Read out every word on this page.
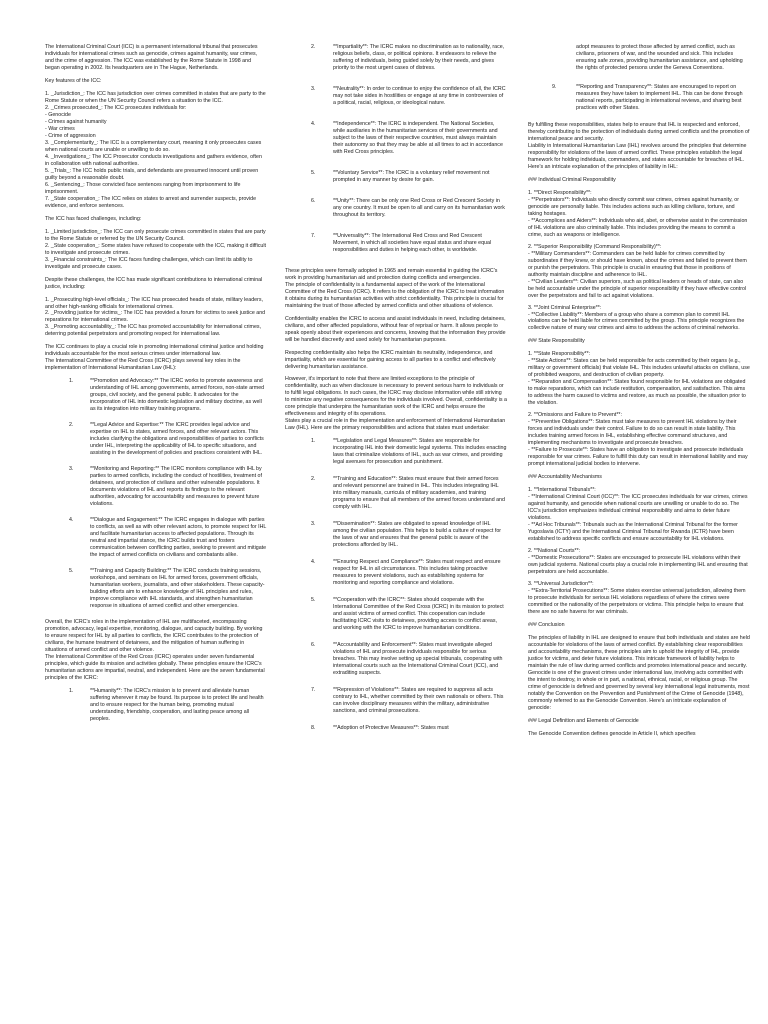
The International Criminal Court (ICC) is a permanent international tribunal that prosecutes individuals for international crimes such as genocide, crimes against humanity, war crimes, and the crime of aggression. The ICC was established by the Rome Statute in 1998 and began operating in 2002. Its headquarters are in The Hague, Netherlands.

Key features of the ICC:
1. _Jurisdiction_: The ICC has jurisdiction over crimes committed in states that are party to the Rome Statute or when the UN Security Council refers a situation to the ICC.
2. _Crimes prosecuted_: The ICC prosecutes individuals for:
- Genocide
- Crimes against humanity
- War crimes
- Crime of aggression
3. _Complementarity_: The ICC is a complementary court, meaning it only prosecutes cases when national courts are unable or unwilling to do so.
4. _Investigations_: The ICC Prosecutor conducts investigations and gathers evidence, often in collaboration with national authorities.
5. _Trials_: The ICC holds public trials, and defendants are presumed innocent until proven guilty beyond a reasonable doubt.
6. _Sentencing_: Those convicted face sentences ranging from imprisonment to life imprisonment.
7. _State cooperation_: The ICC relies on states to arrest and surrender suspects, provide evidence, and enforce sentences.
The ICC has faced challenges, including:
1. _Limited jurisdiction_: The ICC can only prosecute crimes committed in states that are party to the Rome Statute or referred by the UN Security Council.
2. _State cooperation_: Some states have refused to cooperate with the ICC, making it difficult to investigate and prosecute crimes.
3. _Financial constraints_: The ICC faces funding challenges, which can limit its ability to investigate and prosecute cases.

Despite these challenges, the ICC has made significant contributions to international criminal justice, including:

1. _Prosecuting high-level officials_: The ICC has prosecuted heads of state, military leaders, and other high-ranking officials for international crimes.
2. _Providing justice for victims_: The ICC has provided a forum for victims to seek justice and reparations for international crimes.
3. _Promoting accountability_: The ICC has promoted accountability for international crimes, deterring potential perpetrators and promoting respect for international law.
The ICC continues to play a crucial role in promoting international criminal justice and holding individuals accountable for the most serious crimes under international law.
The International Committee of the Red Cross (ICRC) plays several key roles in the implementation of International Humanitarian Law (IHL):
1.	**Promotion and Advocacy:** The ICRC works to promote awareness and understanding of IHL among governments, armed forces, non-state armed groups, civil society, and the general public. It advocates for the incorporation of IHL into domestic legislation and military doctrine, as well as its integration into military training programs.
2.	**Legal Advice and Expertise:** The ICRC provides legal advice and expertise on IHL to states, armed forces, and other relevant actors. This includes clarifying the obligations and responsibilities of parties to conflicts under IHL, interpreting the applicability of IHL to specific situations, and assisting in the development of policies and practices consistent with IHL.
3.	**Monitoring and Reporting:** The ICRC monitors compliance with IHL by parties to armed conflicts, including the conduct of hostilities, treatment of detainees, and protection of civilians and other vulnerable populations. It documents violations of IHL and reports its findings to the relevant authorities, advocating for accountability and measures to prevent future violations.
4.	**Dialogue and Engagement:** The ICRC engages in dialogue with parties to conflicts, as well as with other relevant actors, to promote respect for IHL and facilitate humanitarian access to affected populations. Through its neutral and impartial stance, the ICRC builds trust and fosters communication between conflicting parties, seeking to prevent and mitigate the impact of armed conflicts on civilians and combatants alike.
5.	**Training and Capacity Building:** The ICRC conducts training sessions, workshops, and seminars on IHL for armed forces, government officials, humanitarian workers, journalists, and other stakeholders. These capacity-building efforts aim to enhance knowledge of IHL principles and rules, improve compliance with IHL standards, and strengthen humanitarian response in situations of armed conflict and other emergencies.
Overall, the ICRC's roles in the implementation of IHL are multifaceted, encompassing promotion, advocacy, legal expertise, monitoring, dialogue, and capacity building. By working to ensure respect for IHL by all parties to conflicts, the ICRC contributes to the protection of civilians, the humane treatment of detainees, and the mitigation of human suffering in situations of armed conflict and other violence.
The International Committee of the Red Cross (ICRC) operates under seven fundamental principles, which guide its mission and activities globally. These principles ensure the ICRC's humanitarian actions are impartial, neutral, and independent. Here are the seven fundamental principles of the ICRC:
1.	**Humanity**: The ICRC's mission is to prevent and alleviate human suffering wherever it may be found. Its purpose is to protect life and health and to ensure respect for the human being, promoting mutual understanding, friendship, cooperation, and lasting peace among all peoples.
2.	**Impartiality**: The ICRC makes no discrimination as to nationality, race, religious beliefs, class, or political opinions. It endeavors to relieve the suffering of individuals, being guided solely by their needs, and gives priority to the most urgent cases of distress.
3.	**Neutrality**: In order to continue to enjoy the confidence of all, the ICRC may not take sides in hostilities or engage at any time in controversies of a political, racial, religious, or ideological nature.
4.	**Independence**: The ICRC is independent. The National Societies, while auxiliaries in the humanitarian services of their governments and subject to the laws of their respective countries, must always maintain their autonomy so that they may be able at all times to act in accordance with Red Cross principles.
5.	**Voluntary Service**: The ICRC is a voluntary relief movement not prompted in any manner by desire for gain.
6.	**Unity**: There can be only one Red Cross or Red Crescent Society in any one country. It must be open to all and carry on its humanitarian work throughout its territory.
7.	**Universality**: The International Red Cross and Red Crescent Movement, in which all societies have equal status and share equal responsibilities and duties in helping each other, is worldwide.
These principles were formally adopted in 1965 and remain essential in guiding the ICRC's work in providing humanitarian aid and protection during conflicts and emergencies.
The principle of confidentiality is a fundamental aspect of the work of the International Committee of the Red Cross (ICRC). It refers to the obligation of the ICRC to treat information it obtains during its humanitarian activities with strict confidentiality. This principle is crucial for maintaining the trust of those affected by armed conflicts and other situations of violence.

Confidentiality enables the ICRC to access and assist individuals in need, including detainees, civilians, and other affected populations, without fear of reprisal or harm. It allows people to speak openly about their experiences and concerns, knowing that the information they provide will be handled discreetly and used solely for humanitarian purposes.

Respecting confidentiality also helps the ICRC maintain its neutrality, independence, and impartiality, which are essential for gaining access to all parties to a conflict and effectively delivering humanitarian assistance.

However, it's important to note that there are limited exceptions to the principle of confidentiality, such as when disclosure is necessary to prevent serious harm to individuals or to fulfill legal obligations. In such cases, the ICRC may disclose information while still striving to minimize any negative consequences for the individuals involved. Overall, confidentiality is a core principle that underpins the humanitarian work of the ICRC and helps ensure the effectiveness and integrity of its operations.
States play a crucial role in the implementation and enforcement of International Humanitarian Law (IHL). Here are the primary responsibilities and actions that states must undertake:
1.	**Legislation and Legal Measures**: States are responsible for incorporating IHL into their domestic legal systems. This includes enacting laws that criminalize violations of IHL, such as war crimes, and providing legal avenues for prosecution and punishment.
2.	**Training and Education**: States must ensure that their armed forces and relevant personnel are trained in IHL. This includes integrating IHL into military manuals, curricula of military academies, and training programs to ensure that all members of the armed forces understand and comply with IHL.
3.	**Dissemination**: States are obligated to spread knowledge of IHL among the civilian population. This helps to build a culture of respect for the laws of war and ensures that the general public is aware of the protections afforded by IHL.
4.	**Ensuring Respect and Compliance**: States must respect and ensure respect for IHL in all circumstances. This includes taking proactive measures to prevent violations, such as establishing systems for monitoring and reporting compliance and violations.
5.	**Cooperation with the ICRC**: States should cooperate with the International Committee of the Red Cross (ICRC) in its mission to protect and assist victims of armed conflict. This cooperation can include facilitating ICRC visits to detainees, providing access to conflict areas, and working with the ICRC to improve humanitarian conditions.
6.	**Accountability and Enforcement**: States must investigate alleged violations of IHL and prosecute individuals responsible for serious breaches. This may involve setting up special tribunals, cooperating with international courts such as the International Criminal Court (ICC), and extraditing suspects.
7.	**Repression of Violations**: States are required to suppress all acts contrary to IHL, whether committed by their own nationals or others. This can involve disciplinary measures within the military, administrative sanctions, and criminal prosecutions.
8.	**Adoption of Protective Measures**: States must
adopt measures to protect those affected by armed conflict, such as civilians, prisoners of war, and the wounded and sick. This includes ensuring safe zones, providing humanitarian assistance, and upholding the rights of protected persons under the Geneva Conventions.
9.	**Reporting and Transparency**: States are encouraged to report on measures they have taken to implement IHL. This can be done through national reports, participating in international reviews, and sharing best practices with other States.
By fulfilling these responsibilities, states help to ensure that IHL is respected and enforced, thereby contributing to the protection of individuals during armed conflicts and the promotion of international peace and security.
Liability in International Humanitarian Law (IHL) revolves around the principles that determine responsibility for violations of the laws of armed conflict. These principles establish the legal framework for holding individuals, commanders, and states accountable for breaches of IHL. Here's an intricate explanation of the principles of liability in IHL:
### Individual Criminal Responsibility
1. **Direct Responsibility**:
- **Perpetrators**: Individuals who directly commit war crimes, crimes against humanity, or genocide are personally liable. This includes actions such as killing civilians, torture, and taking hostages.
- **Accomplices and Aiders**: Individuals who aid, abet, or otherwise assist in the commission of IHL violations are also criminally liable. This includes providing the means to commit a crime, such as weapons or intelligence.
2. **Superior Responsibility (Command Responsibility)**:
- **Military Commanders**: Commanders can be held liable for crimes committed by subordinates if they knew, or should have known, about the crimes and failed to prevent them or punish the perpetrators. This principle is crucial in ensuring that those in positions of authority maintain discipline and adherence to IHL.
- **Civilian Leaders**: Civilian superiors, such as political leaders or heads of state, can also be held accountable under the principle of superior responsibility if they have effective control over the perpetrators and fail to act against violations.
3. **Joint Criminal Enterprise**:
- **Collective Liability**: Members of a group who share a common plan to commit IHL violations can be held liable for crimes committed by the group. This principle recognizes the collective nature of many war crimes and aims to address the actions of criminal networks.
### State Responsibility
1. **State Responsibility**:
- **State Actions**: States can be held responsible for acts committed by their organs (e.g., military or government officials) that violate IHL. This includes unlawful attacks on civilians, use of prohibited weapons, and destruction of civilian property.
- **Reparation and Compensation**: States found responsible for IHL violations are obligated to make reparations, which can include restitution, compensation, and satisfaction. This aims to address the harm caused to victims and restore, as much as possible, the situation prior to the violation.
2. **Omissions and Failure to Prevent**:
- **Preventive Obligations**: States must take measures to prevent IHL violations by their forces and individuals under their control. Failure to do so can result in state liability. This includes training armed forces in IHL, establishing effective command structures, and implementing mechanisms to investigate and prosecute breaches.
- **Failure to Prosecute**: States have an obligation to investigate and prosecute individuals responsible for war crimes. Failure to fulfill this duty can result in international liability and may prompt international judicial bodies to intervene.
### Accountability Mechanisms
1. **International Tribunals**:
- **International Criminal Court (ICC)**: The ICC prosecutes individuals for war crimes, crimes against humanity, and genocide when national courts are unwilling or unable to do so. The ICC's jurisdiction emphasizes individual criminal responsibility and aims to deter future violations.
- **Ad Hoc Tribunals**: Tribunals such as the International Criminal Tribunal for the former Yugoslavia (ICTY) and the International Criminal Tribunal for Rwanda (ICTR) have been established to address specific conflicts and ensure accountability for IHL violations.
2. **National Courts**:
- **Domestic Prosecutions**: States are encouraged to prosecute IHL violations within their own judicial systems. National courts play a crucial role in implementing IHL and ensuring that perpetrators are held accountable.
3. **Universal Jurisdiction**:
- **Extra-Territorial Prosecutions**: Some states exercise universal jurisdiction, allowing them to prosecute individuals for serious IHL violations regardless of where the crimes were committed or the nationality of the perpetrators or victims. This principle helps to ensure that there are no safe havens for war criminals.
### Conclusion

The principles of liability in IHL are designed to ensure that both individuals and states are held accountable for violations of the laws of armed conflict. By establishing clear responsibilities and accountability mechanisms, these principles aim to uphold the integrity of IHL, provide justice for victims, and deter future violations. This intricate framework of liability helps to maintain the rule of law during armed conflicts and promotes international peace and security. Genocide is one of the gravest crimes under international law, involving acts committed with the intent to destroy, in whole or in part, a national, ethnical, racial, or religious group. The crime of genocide is defined and governed by several key international legal instruments, most notably the Convention on the Prevention and Punishment of the Crime of Genocide (1948), commonly referred to as the Genocide Convention. Here's an intricate explanation of genocide:

### Legal Definition and Elements of Genocide

The Genocide Convention defines genocide in Article II, which specifies
